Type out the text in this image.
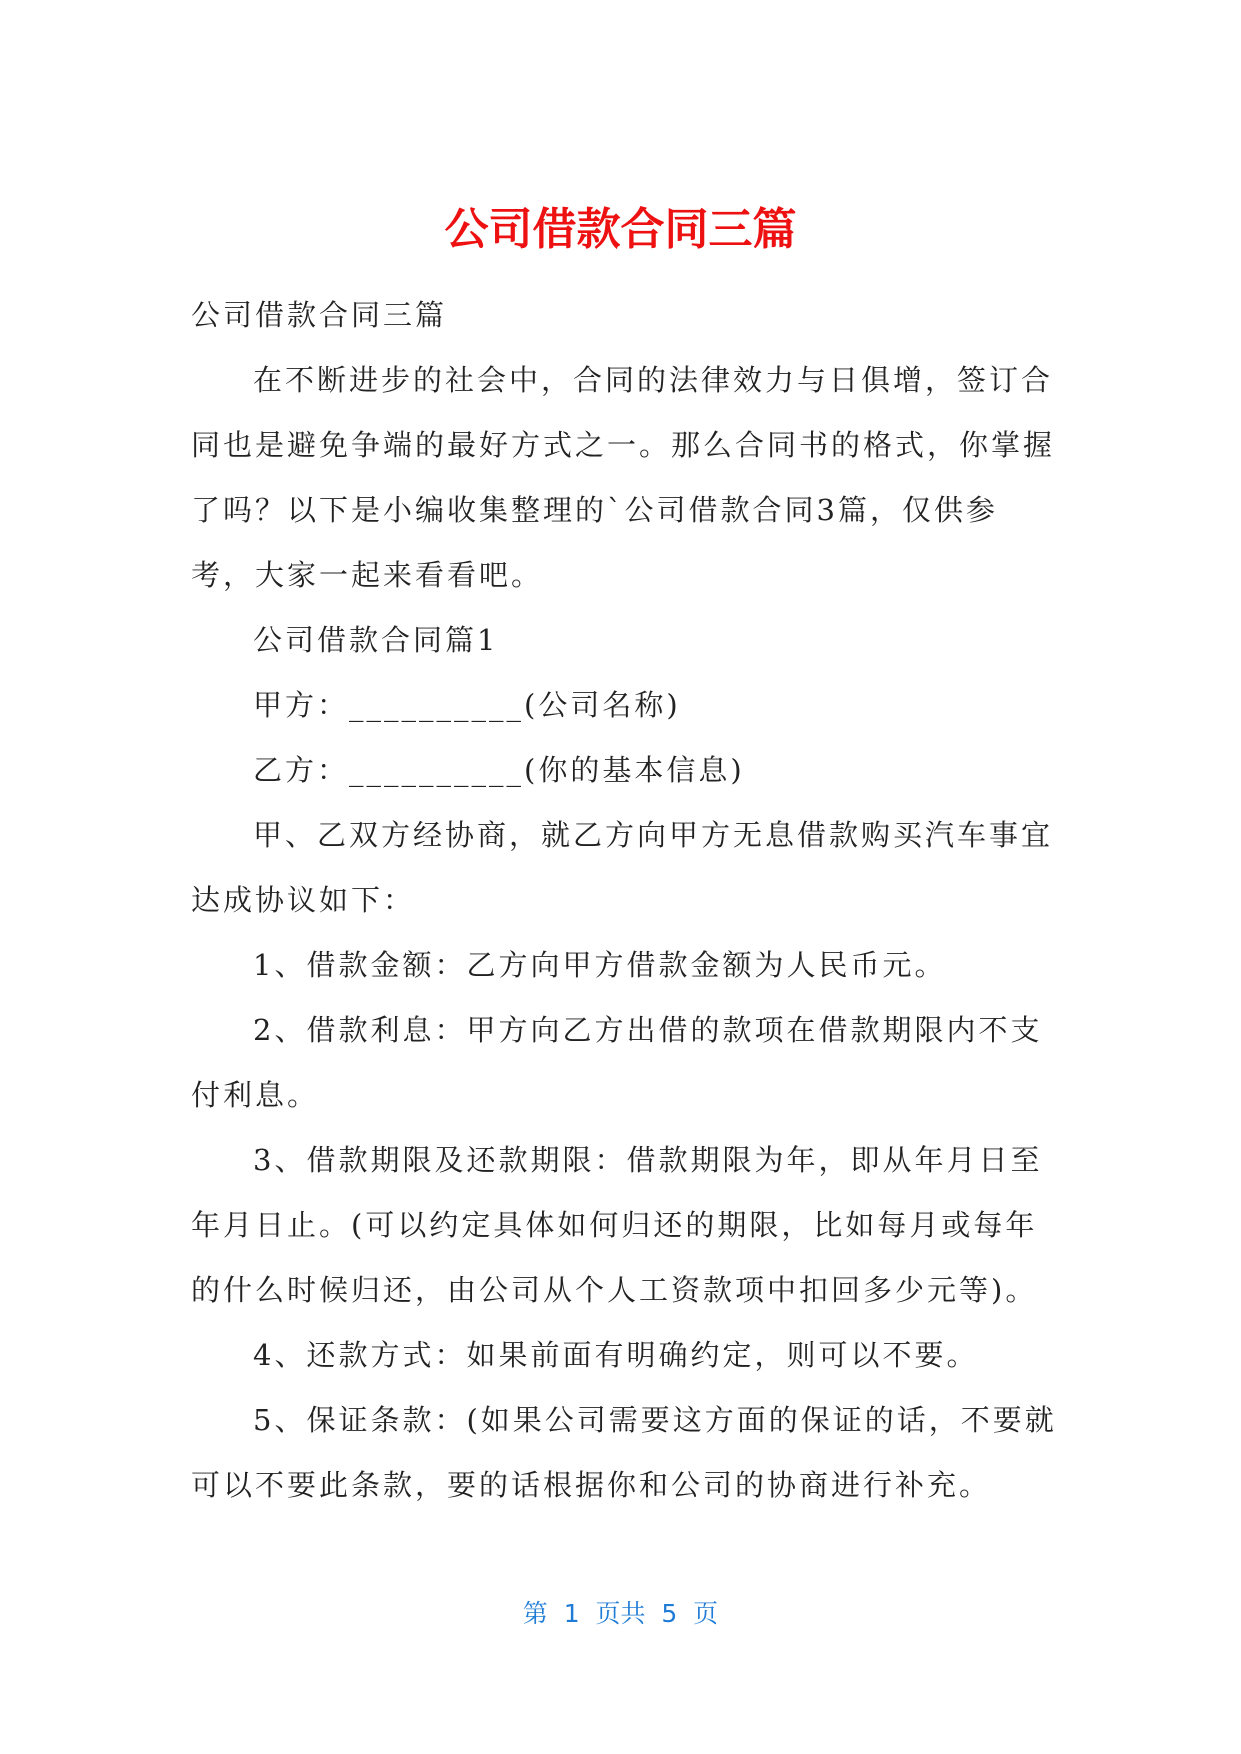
公司借款合同三篇

公司借款合同三篇

在不断进步的社会中，合同的法律效力与日俱增，签订合同也是避免争端的最好方式之一。那么合同书的格式，你掌握了吗？以下是小编收集整理的`公司借款合同3篇，仅供参考，大家一起来看看吧。

公司借款合同篇1

甲方：__________(公司名称)

乙方：__________(你的基本信息)

甲、乙双方经协商，就乙方向甲方无息借款购买汽车事宜达成协议如下：

1、借款金额：乙方向甲方借款金额为人民币元。

2、借款利息：甲方向乙方出借的款项在借款期限内不支付利息。

3、借款期限及还款期限：借款期限为年，即从年月日至年月日止。(可以约定具体如何归还的期限，比如每月或每年的什么时候归还，由公司从个人工资款项中扣回多少元等)。

4、还款方式：如果前面有明确约定，则可以不要。

5、保证条款：(如果公司需要这方面的保证的话，不要就可以不要此条款，要的话根据你和公司的协商进行补充。

第  1  页共  5  页
